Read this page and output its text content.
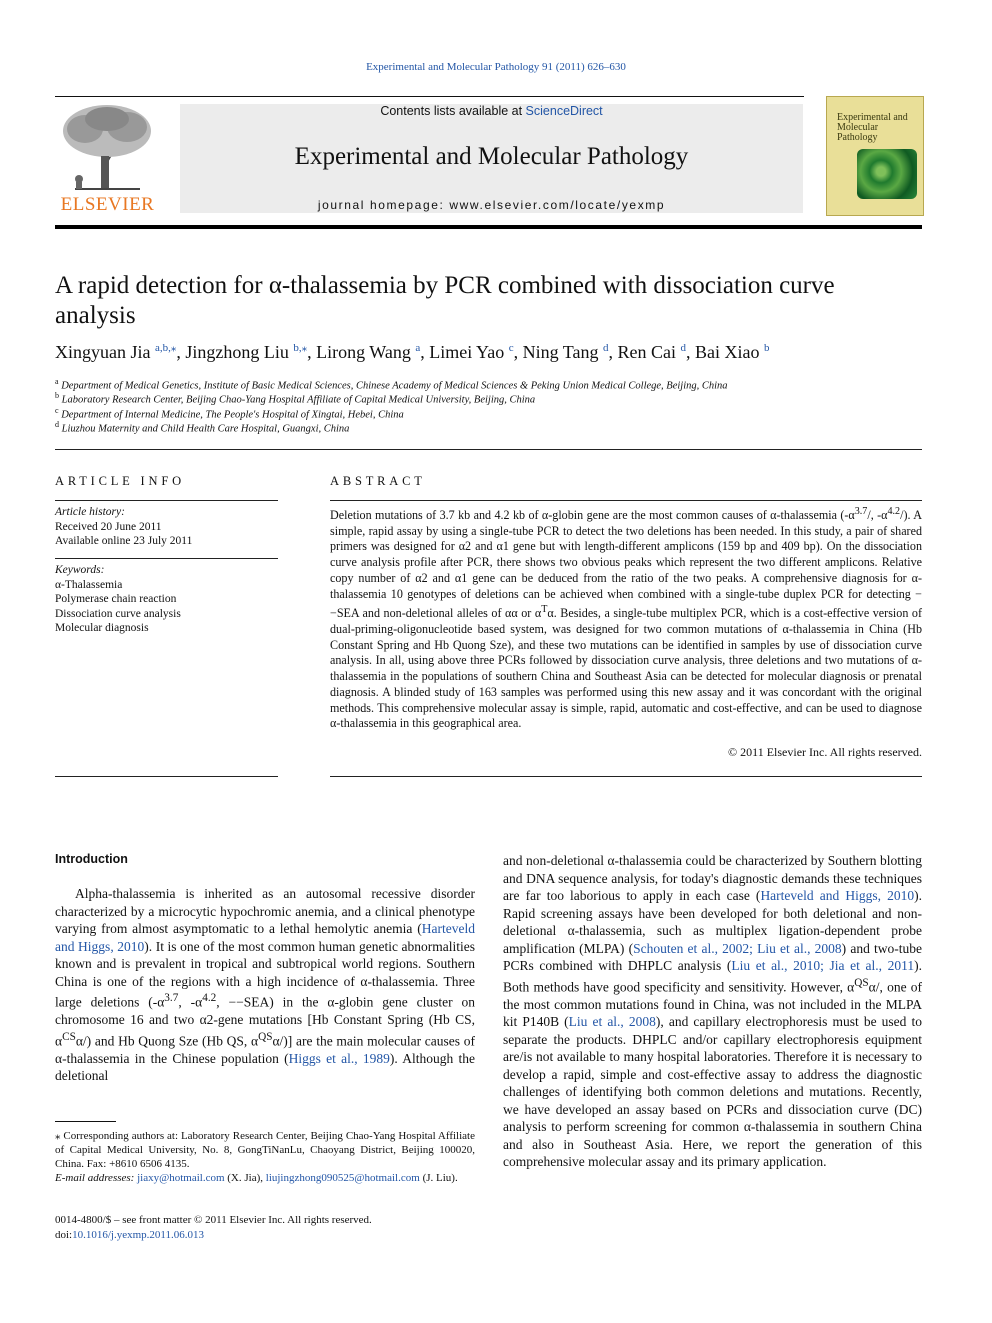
Experimental and Molecular Pathology 91 (2011) 626–630
ELSEVIER
Contents lists available at ScienceDirect
Experimental and Molecular Pathology
journal homepage: www.elsevier.com/locate/yexmp
Experimental and Molecular Pathology
A rapid detection for α-thalassemia by PCR combined with dissociation curve analysis
Xingyuan Jia $^{a,b,⁎}$, Jingzhong Liu $^{b,⁎}$, Lirong Wang $^a$, Limei Yao $^c$, Ning Tang $^d$, Ren Cai $^d$, Bai Xiao $^b$
$^a$ Department of Medical Genetics, Institute of Basic Medical Sciences, Chinese Academy of Medical Sciences & Peking Union Medical College, Beijing, China
$^b$ Laboratory Research Center, Beijing Chao-Yang Hospital Affiliate of Capital Medical University, Beijing, China
$^c$ Department of Internal Medicine, The People's Hospital of Xingtai, Hebei, China
$^d$ Liuzhou Maternity and Child Health Care Hospital, Guangxi, China
ARTICLE INFO
Article history:
Received 20 June 2011
Available online 23 July 2011
Keywords:
α-Thalassemia
Polymerase chain reaction
Dissociation curve analysis
Molecular diagnosis
ABSTRACT
Deletion mutations of 3.7 kb and 4.2 kb of α-globin gene are the most common causes of α-thalassemia ($-\alpha^{3.7}/$, $-\alpha^{4.2}/$). A simple, rapid assay by using a single-tube PCR to detect the two deletions has been needed. In this study, a pair of shared primers was designed for α2 and α1 gene but with length-different amplicons (159 bp and 409 bp). On the dissociation curve analysis profile after PCR, there shows two obvious peaks which represent the two different amplicons. Relative copy number of α2 and α1 gene can be deduced from the ratio of the two peaks. A comprehensive diagnosis for α-thalassemia 10 genotypes of deletions can be achieved when combined with a single-tube duplex PCR for detecting −−SEA and non-deletional alleles of αα or $\alpha^T\alpha$. Besides, a single-tube multiplex PCR, which is a cost-effective version of dual-priming-oligonucleotide based system, was designed for two common mutations of α-thalassemia in China (Hb Constant Spring and Hb Quong Sze), and these two mutations can be identified in samples by use of dissociation curve analysis. In all, using above three PCRs followed by dissociation curve analysis, three deletions and two mutations of α-thalassemia in the populations of southern China and Southeast Asia can be detected for molecular diagnosis or prenatal diagnosis. A blinded study of 163 samples was performed using this new assay and it was concordant with the original methods. This comprehensive molecular assay is simple, rapid, automatic and cost-effective, and can be used to diagnose α-thalassemia in this geographical area.
© 2011 Elsevier Inc. All rights reserved.
Introduction
Alpha-thalassemia is inherited as an autosomal recessive disorder characterized by a microcytic hypochromic anemia, and a clinical phenotype varying from almost asymptomatic to a lethal hemolytic anemia (Harteveld and Higgs, 2010). It is one of the most common human genetic abnormalities known and is prevalent in tropical and subtropical world regions. Southern China is one of the regions with a high incidence of α-thalassemia. Three large deletions ($-\alpha^{3.7}$, $-\alpha^{4.2}$, −−SEA) in the α-globin gene cluster on chromosome 16 and two α2-gene mutations [Hb Constant Spring (Hb CS, $\alpha^{CS}\alpha/$) and Hb Quong Sze (Hb QS, $\alpha^{QS}\alpha/$)] are the main molecular causes of α-thalassemia in the Chinese population (Higgs et al., 1989). Although the deletional
and non-deletional α-thalassemia could be characterized by Southern blotting and DNA sequence analysis, for today's diagnostic demands these techniques are far too laborious to apply in each case (Harteveld and Higgs, 2010). Rapid screening assays have been developed for both deletional and non-deletional α-thalassemia, such as multiplex ligation-dependent probe amplification (MLPA) (Schouten et al., 2002; Liu et al., 2008) and two-tube PCRs combined with DHPLC analysis (Liu et al., 2010; Jia et al., 2011). Both methods have good specificity and sensitivity. However, $\alpha^{QS}\alpha/$, one of the most common mutations found in China, was not included in the MLPA kit P140B (Liu et al., 2008), and capillary electrophoresis must be used to separate the products. DHPLC and/or capillary electrophoresis equipment are/is not available to many hospital laboratories. Therefore it is necessary to develop a rapid, simple and cost-effective assay to address the diagnostic challenges of identifying both common deletions and mutations. Recently, we have developed an assay based on PCRs and dissociation curve (DC) analysis to perform screening for common α-thalassemia in southern China and also in Southeast Asia. Here, we report the generation of this comprehensive molecular assay and its primary application.
⁎ Corresponding authors at: Laboratory Research Center, Beijing Chao-Yang Hospital Affiliate of Capital Medical University, No. 8, GongTiNanLu, Chaoyang District, Beijing 100020, China. Fax: +8610 6506 4135.
E-mail addresses: jiaxy@hotmail.com (X. Jia), liujingzhong090525@hotmail.com (J. Liu).
0014-4800/$ – see front matter © 2011 Elsevier Inc. All rights reserved.
doi:10.1016/j.yexmp.2011.06.013
